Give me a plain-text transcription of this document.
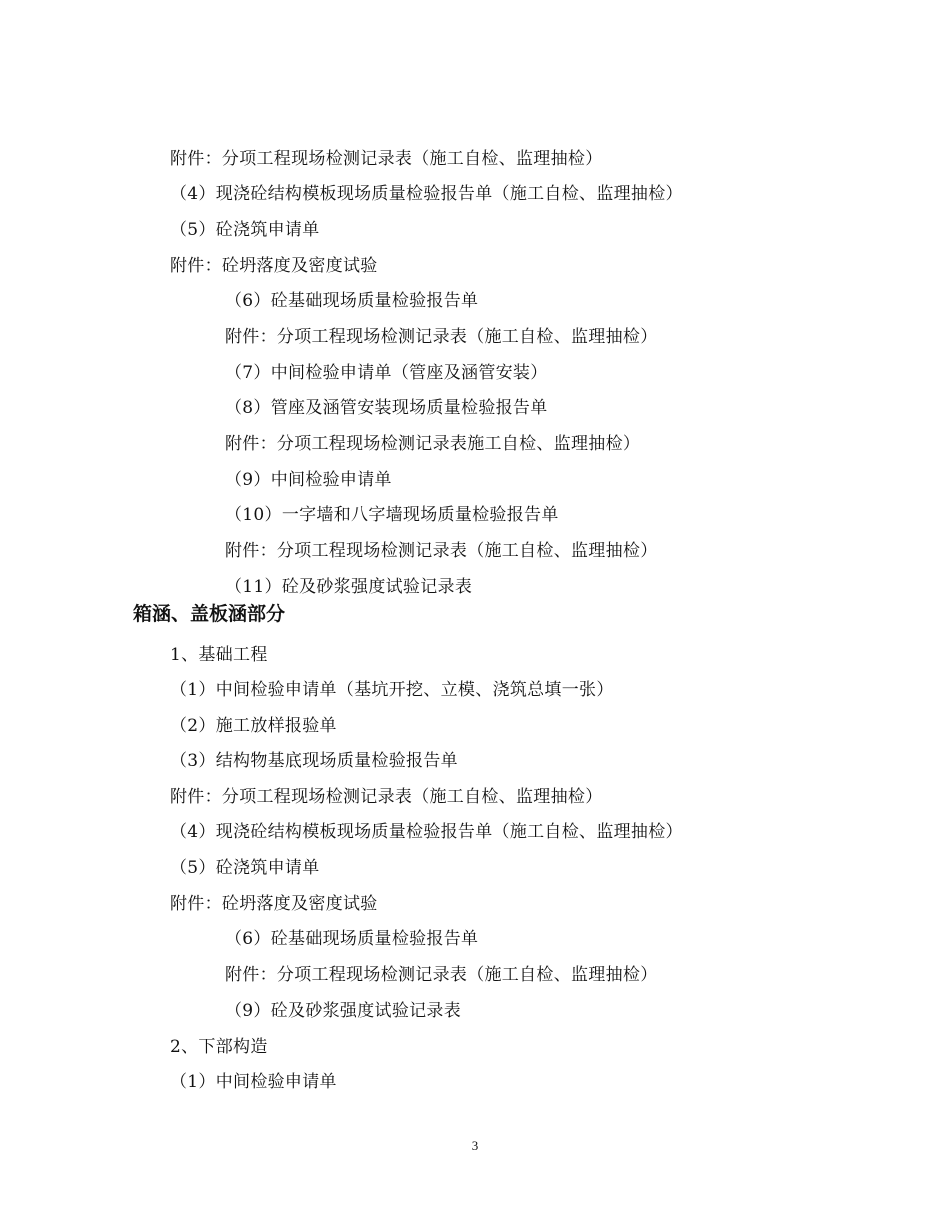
附件：分项工程现场检测记录表（施工自检、监理抽检）
（4）现浇砼结构模板现场质量检验报告单（施工自检、监理抽检）
（5）砼浇筑申请单
附件：砼坍落度及密度试验
（6）砼基础现场质量检验报告单
附件：分项工程现场检测记录表（施工自检、监理抽检）
（7）中间检验申请单（管座及涵管安装）
（8）管座及涵管安装现场质量检验报告单
附件：分项工程现场检测记录表施工自检、监理抽检）
（9）中间检验申请单
（10）一字墙和八字墙现场质量检验报告单
附件：分项工程现场检测记录表（施工自检、监理抽检）
（11）砼及砂浆强度试验记录表
箱涵、盖板涵部分
1、基础工程
（1）中间检验申请单（基坑开挖、立模、浇筑总填一张）
（2）施工放样报验单
（3）结构物基底现场质量检验报告单
附件：分项工程现场检测记录表（施工自检、监理抽检）
（4）现浇砼结构模板现场质量检验报告单（施工自检、监理抽检）
（5）砼浇筑申请单
附件：砼坍落度及密度试验
（6）砼基础现场质量检验报告单
附件：分项工程现场检测记录表（施工自检、监理抽检）
（9）砼及砂浆强度试验记录表
2、下部构造
（1）中间检验申请单
3
